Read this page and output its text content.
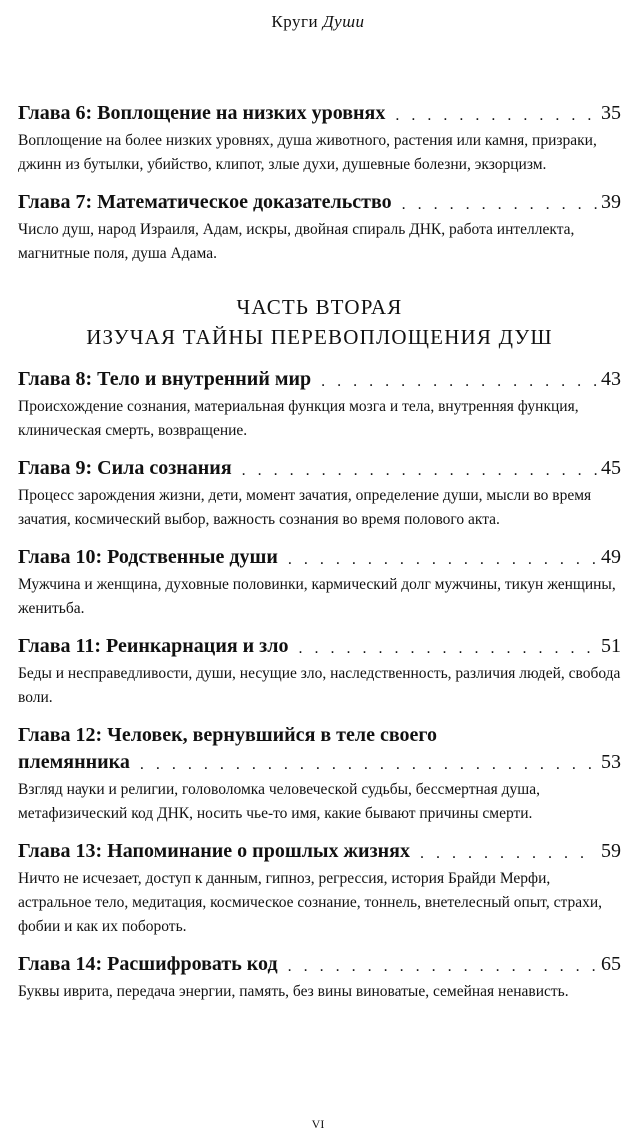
Круги Души
Глава 6: Воплощение на низких уровнях . . .	35
Воплощение на более низких уровнях, душа животного, растения или камня, призраки, джинн из бутылки, убийство, клипот, злые духи, душевные болезни, экзорцизм.
Глава 7: Математическое доказательство . . .	39
Число душ, народ Израиля, Адам, искры, двойная спираль ДНК, работа интеллекта, магнитные поля, душа Адама.
ЧАСТЬ ВТОРАЯ
ИЗУЧАЯ ТАЙНЫ ПЕРЕВОПЛОЩЕНИЯ ДУШ
Глава 8: Тело и внутренний мир . . .	43
Происхождение сознания, материальная функция мозга и тела, внутренняя функция, клиническая смерть, возвращение.
Глава 9: Сила сознания . . .	45
Процесс зарождения жизни, дети, момент зачатия, определение души, мысли во время зачатия, космический выбор, важность сознания во время полового акта.
Глава 10: Родственные души . . .	49
Мужчина и женщина, духовные половинки, кармический долг мужчины, тикун женщины, женитьба.
Глава 11: Реинкарнация и зло . . .	51
Беды и несправедливости, души, несущие зло, наследственность, различия людей, свобода воли.
Глава 12: Человек, вернувшийся в теле своего
племянника . . .	53
Взгляд науки и религии, головоломка человеческой судьбы, бессмертная душа, метафизический код ДНК, носить чье-то имя, какие бывают причины смерти.
Глава 13: Напоминание о прошлых жизнях . . .	59
Ничто не исчезает, доступ к данным, гипноз, регрессия, история Брайди Мерфи, астральное тело, медитация, космическое сознание, тоннель, внетелесный опыт, страхи, фобии и как их побороть.
Глава 14: Расшифровать код . . .	65
Буквы иврита, передача энергии, память, без вины виноватые, семейная ненависть.
VI
